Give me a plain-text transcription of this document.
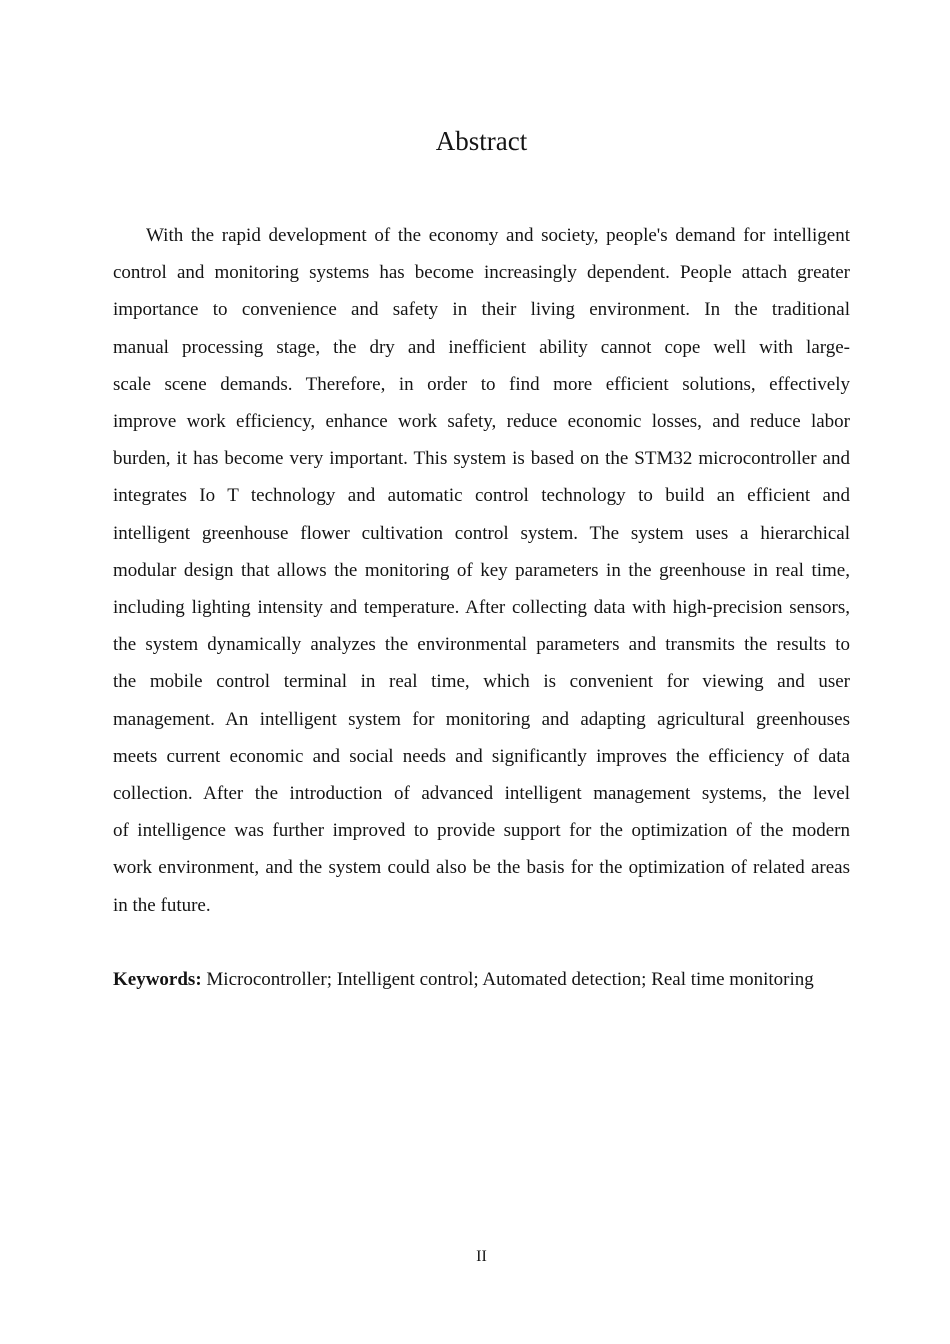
Abstract
With the rapid development of the economy and society, people's demand for intelligent
control and monitoring systems has become increasingly dependent. People attach greater
importance to convenience and safety in their living environment. In the traditional
manual processing stage, the dry and inefficient ability cannot cope well with large-
scale scene demands. Therefore, in order to find more efficient solutions, effectively
improve work efficiency, enhance work safety, reduce economic losses, and reduce labor
burden, it has become very important. This system is based on the STM32 microcontroller and
integrates Io T technology and automatic control technology to build an efficient and
intelligent greenhouse flower cultivation control system. The system uses a hierarchical
modular design that allows the monitoring of key parameters in the greenhouse in real time,
including lighting intensity and temperature. After collecting data with high-precision sensors,
the system dynamically analyzes the environmental parameters and transmits the results to
the mobile control terminal in real time, which is convenient for viewing and user
management. An intelligent system for monitoring and adapting agricultural greenhouses
meets current economic and social needs and significantly improves the efficiency of data
collection. After the introduction of advanced intelligent management systems, the level
of intelligence was further improved to provide support for the optimization of the modern
work environment, and the system could also be the basis for the optimization of related areas
in the future.
Keywords: Microcontroller; Intelligent control; Automated detection; Real time monitoring
II
